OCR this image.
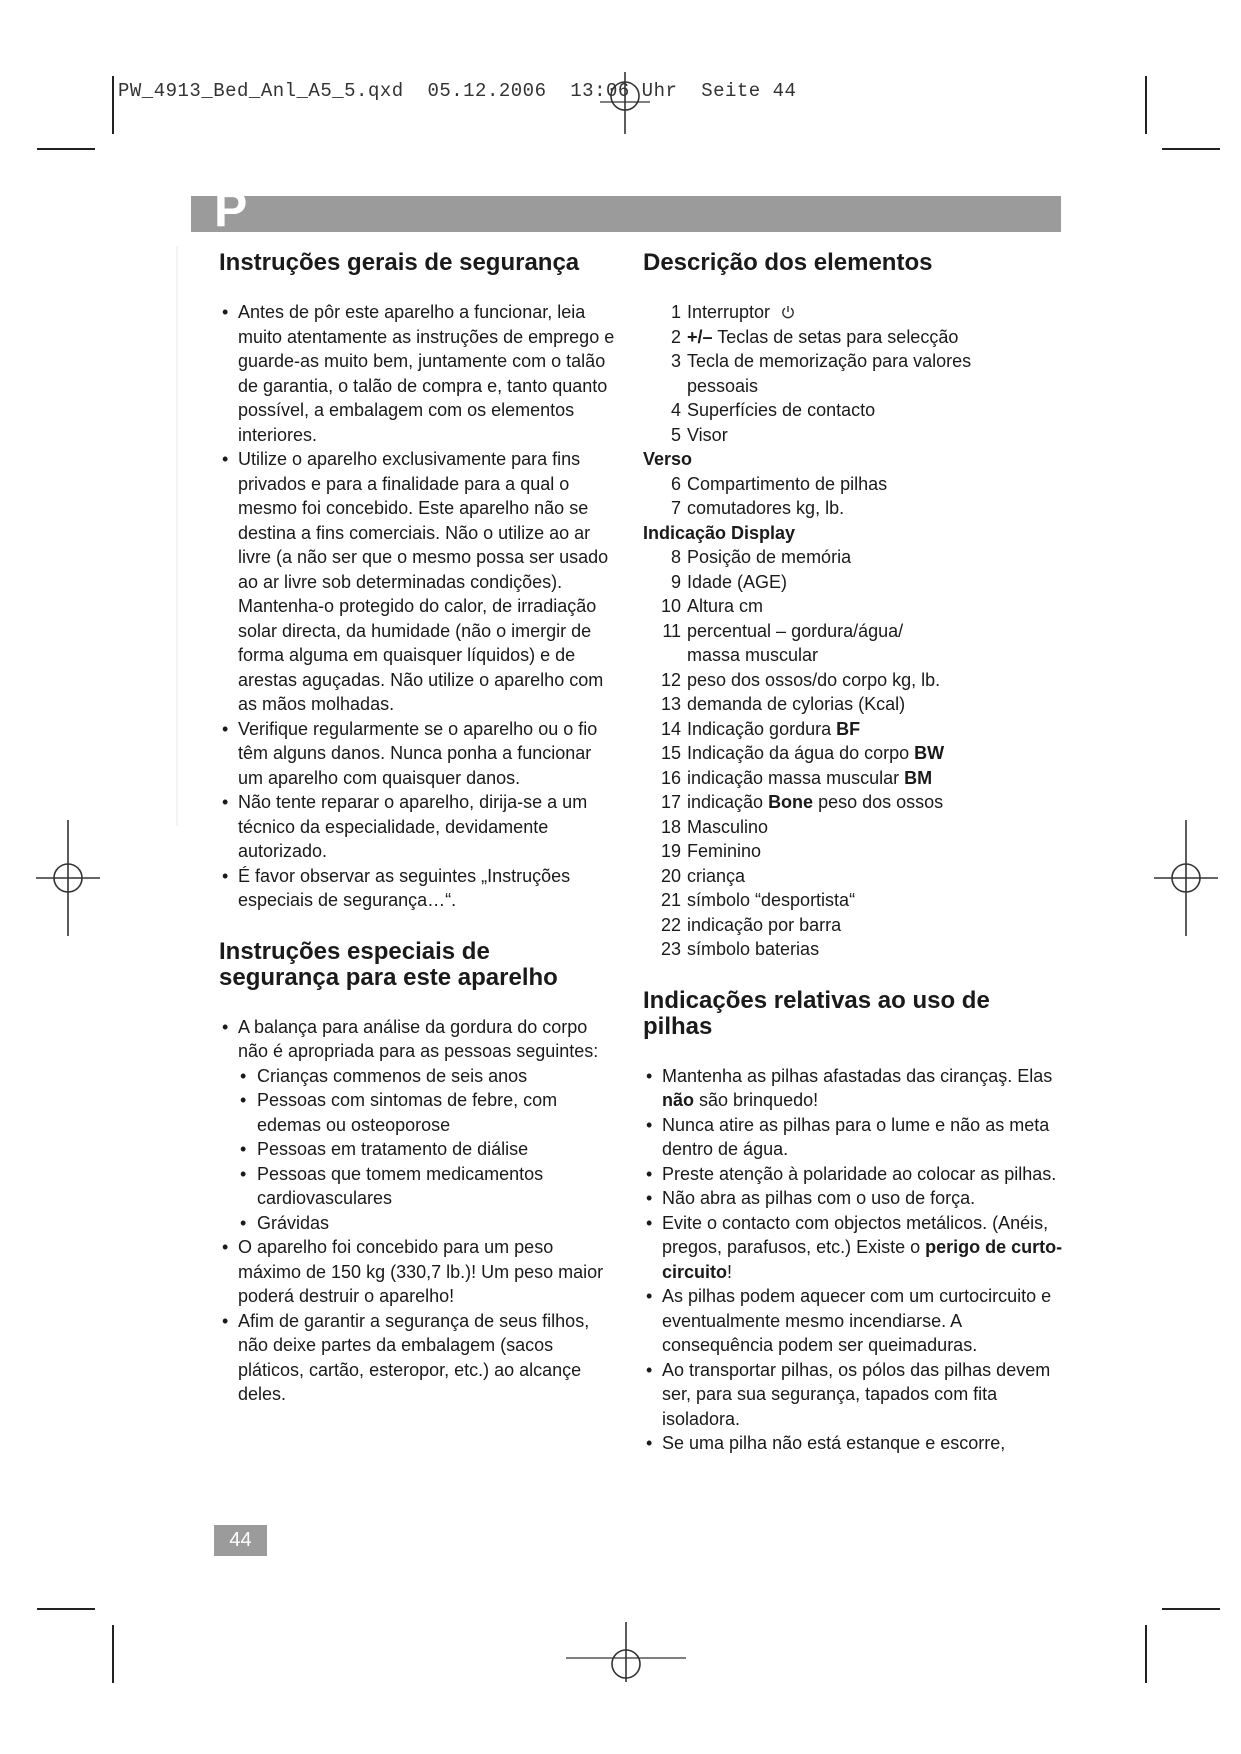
PW_4913_Bed_Anl_A5_5.qxd  05.12.2006  13:06 Uhr  Seite 44
P
Instruções gerais de segurança
• Antes de pôr este aparelho a funcionar, leia muito atentamente as instruções de emprego e guarde-as muito bem, juntamente com o talão de garantia, o talão de compra e, tanto quanto possível, a embalagem com os elementos interiores.
• Utilize o aparelho exclusivamente para fins privados e para a finalidade para a qual o mesmo foi concebido. Este aparelho não se destina a fins comerciais. Não o utilize ao ar livre (a não ser que o mesmo possa ser usado ao ar livre sob determinadas condições). Mantenha-o protegido do calor, de irradiação solar directa, da humidade (não o imergir de forma alguma em quaisquer líquidos) e de arestas aguçadas. Não utilize o aparelho com as mãos molhadas.
• Verifique regularmente se o aparelho ou o fio têm alguns danos. Nunca ponha a funcionar um aparelho com quaisquer danos.
• Não tente reparar o aparelho, dirija-se a um técnico da especialidade, devidamente autorizado.
• É favor observar as seguintes „Instruções especiais de segurança…“.
Instruções especiais de segurança para este aparelho
• A balança para análise da gordura do corpo não é apropriada para as pessoas seguintes:
• Crianças commenos de seis anos
• Pessoas com sintomas de febre, com edemas ou osteoporose
• Pessoas em tratamento de diálise
• Pessoas que tomem medicamentos cardiovasculares
• Grávidas
• O aparelho foi concebido para um peso máximo de 150 kg (330,7 lb.)! Um peso maior poderá destruir o aparelho!
• Afim de garantir a segurança de seus filhos, não deixe partes da embalagem (sacos pláticos, cartão, esteropor, etc.) ao alcançe deles.
Descrição dos elementos
1 Interruptor
2 +/– Teclas de setas para selecção
3 Tecla de memorização para valores
pessoais
4 Superfícies de contacto
5 Visor
Verso
6 Compartimento de pilhas
7 comutadores kg, lb.
Indicação Display
8 Posição de memória
9 Idade (AGE)
10 Altura cm
11 percentual – gordura/água/
massa muscular
12 peso dos ossos/do corpo kg, lb.
13 demanda de cylorias (Kcal)
14 Indicação gordura BF
15 Indicação da água do corpo BW
16 indicação massa muscular BM
17 indicação Bone peso dos ossos
18 Masculino
19 Feminino
20 criança
21 símbolo “desportista“
22 indicação por barra
23 símbolo baterias
Indicações relativas ao uso de pilhas
• Mantenha as pilhas afastadas das cirançaş. Elas não são brinquedo!
• Nunca atire as pilhas para o lume e não as meta dentro de água.
• Preste atenção à polaridade ao colocar as pilhas.
• Não abra as pilhas com o uso de força.
• Evite o contacto com objectos metálicos. (Anéis, pregos, parafusos, etc.) Existe o perigo de curto-circuito!
• As pilhas podem aquecer com um curtocircuito e eventualmente mesmo incendiarse. A consequência podem ser queimaduras.
• Ao transportar pilhas, os pólos das pilhas devem ser, para sua segurança, tapados com fita isoladora.
• Se uma pilha não está estanque e escorre,
44
